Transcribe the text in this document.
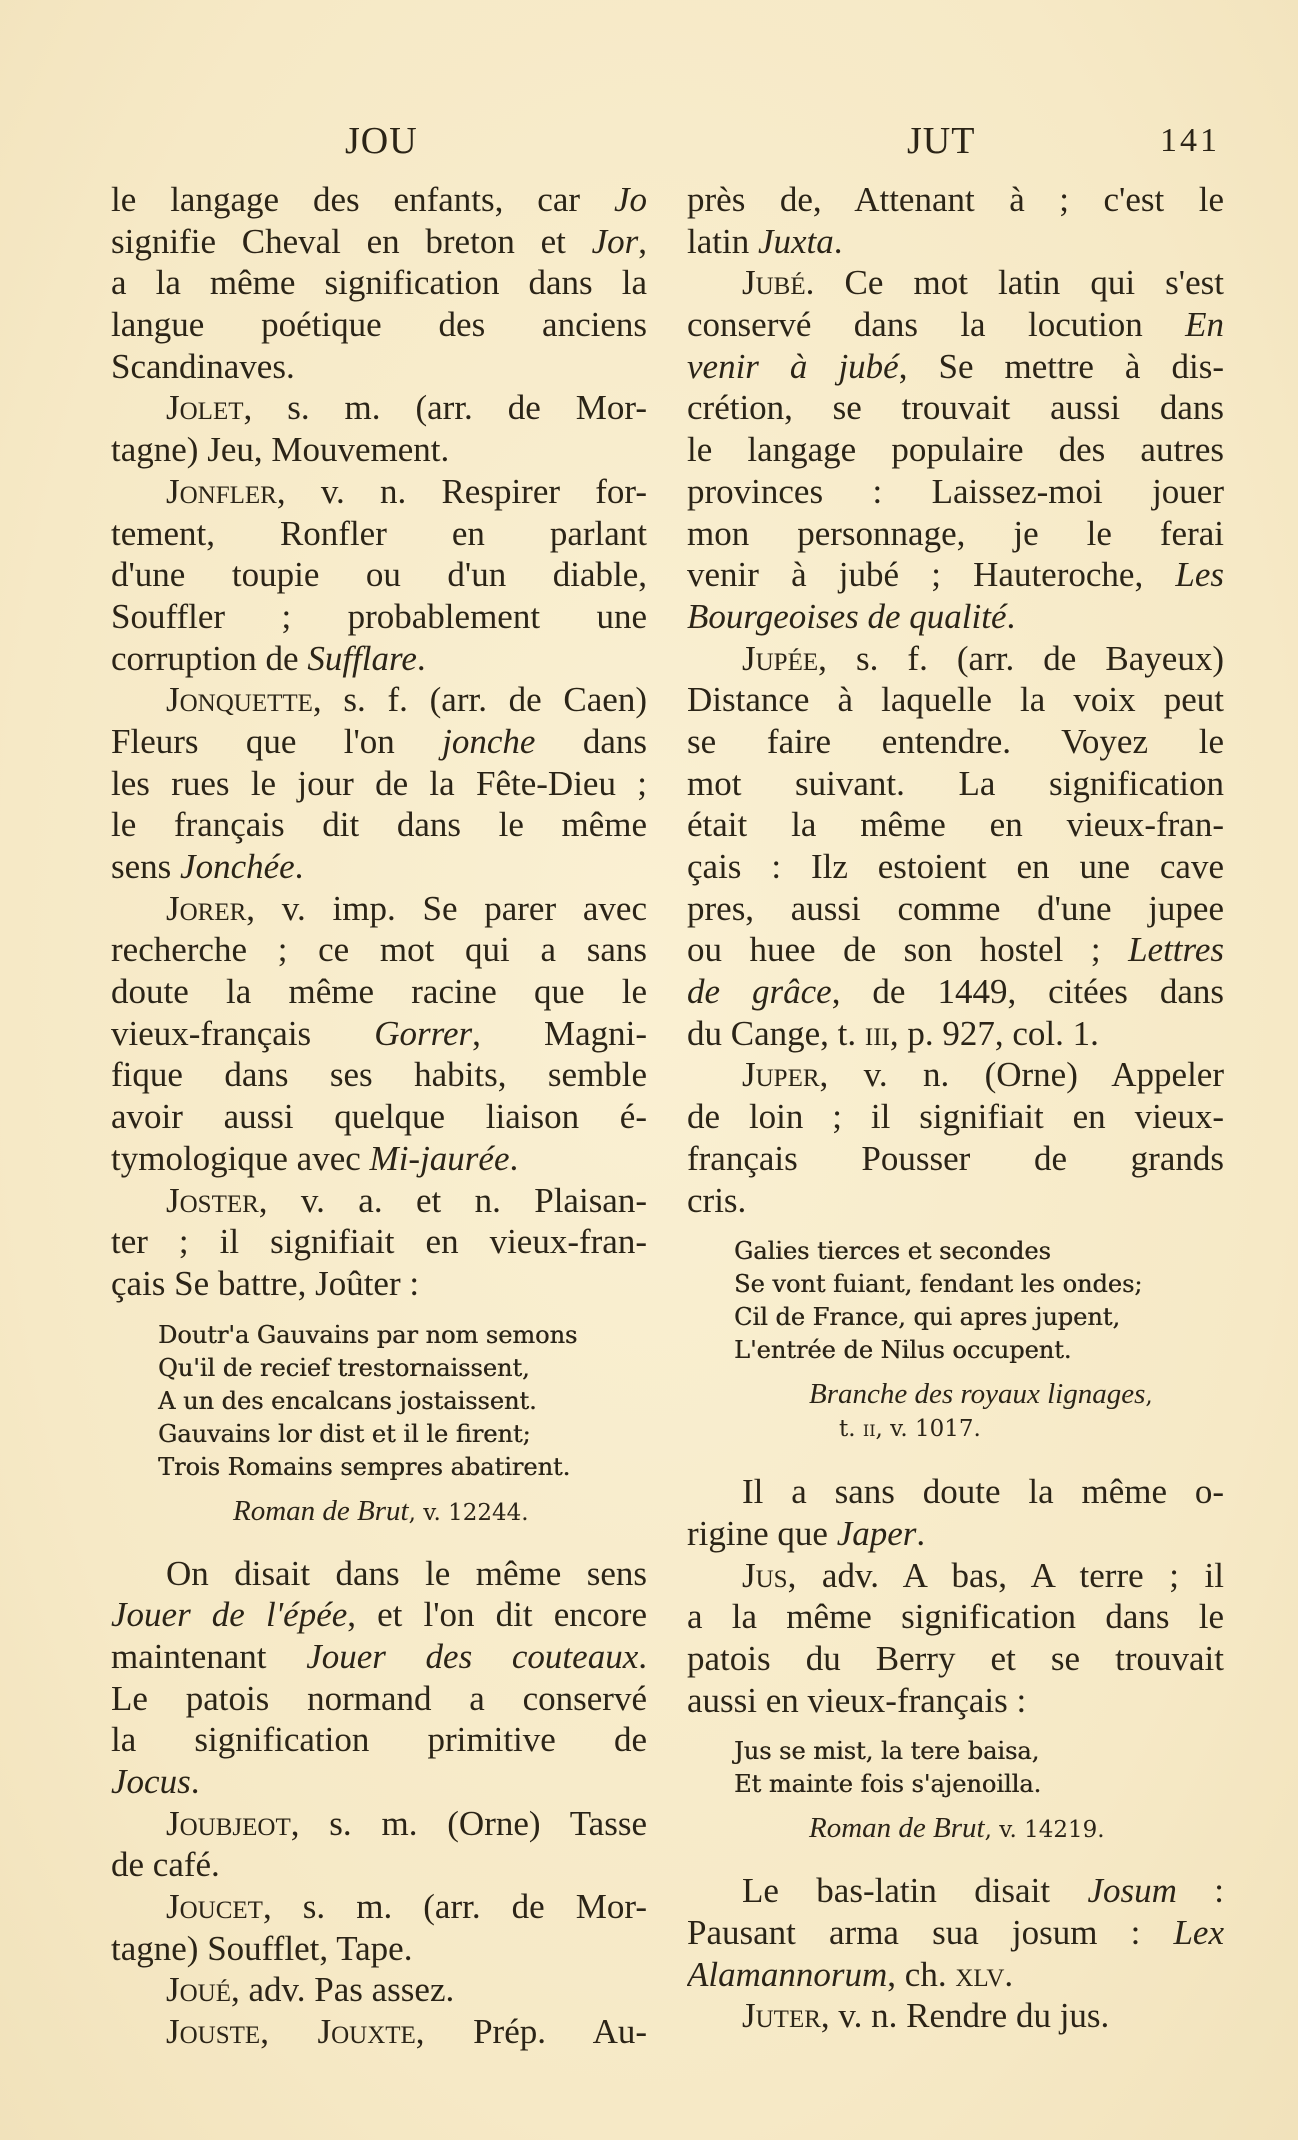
JOU	JUT	141
le langage des enfants, car Jo
signifie Cheval en breton et Jor,
a la même signification dans la
langue poétique des anciens
Scandinaves.
Jolet, s. m. (arr. de Mor-
tagne) Jeu, Mouvement.
Jonfler, v. n. Respirer for-
tement, Ronfler en parlant
d'une toupie ou d'un diable,
Souffler ; probablement une
corruption de Sufflare.
Jonquette, s. f. (arr. de Caen)
Fleurs que l'on jonche dans
les rues le jour de la Fête-Dieu ;
le français dit dans le même
sens Jonchée.
Jorer, v. imp. Se parer avec
recherche ; ce mot qui a sans
doute la même racine que le
vieux-français Gorrer, Magni-
fique dans ses habits, semble
avoir aussi quelque liaison é-
tymologique avec Mi-jaurée.
Joster, v. a. et n. Plaisan-
ter ; il signifiait en vieux-fran-
çais Se battre, Joûter :
Doutr'a Gauvains par nom semons
Qu'il de recief trestornaissent,
A un des encalcans jostaissent.
Gauvains lor dist et il le firent;
Trois Romains sempres abatirent.
Roman de Brut, v. 12244.
On disait dans le même sens
Jouer de l'épée, et l'on dit encore
maintenant Jouer des couteaux.
Le patois normand a conservé
la signification primitive de
Jocus.
Joubjeot, s. m. (Orne) Tasse
de café.
Joucet, s. m. (arr. de Mor-
tagne) Soufflet, Tape.
Joué, adv. Pas assez.
Jouste, Jouxte, Prép. Au-
près de, Attenant à ; c'est le
latin Juxta.
Jubé. Ce mot latin qui s'est
conservé dans la locution En
venir à jubé, Se mettre à dis-
crétion, se trouvait aussi dans
le langage populaire des autres
provinces : Laissez-moi jouer
mon personnage, je le ferai
venir à jubé ; Hauteroche, Les
Bourgeoises de qualité.
Jupée, s. f. (arr. de Bayeux)
Distance à laquelle la voix peut
se faire entendre. Voyez le
mot suivant. La signification
était la même en vieux-fran-
çais : Ilz estoient en une cave
pres, aussi comme d'une jupee
ou huee de son hostel ; Lettres
de grâce, de 1449, citées dans
du Cange, t. iii, p. 927, col. 1.
Juper, v. n. (Orne) Appeler
de loin ; il signifiait en vieux-
français Pousser de grands
cris.
Galies tierces et secondes
Se vont fuiant, fendant les ondes;
Cil de France, qui apres jupent,
L'entrée de Nilus occupent.
Branche des royaux lignages,
t. ii, v. 1017.
Il a sans doute la même o-
rigine que Japer.
Jus, adv. A bas, A terre ; il
a la même signification dans le
patois du Berry et se trouvait
aussi en vieux-français :
Jus se mist, la tere baisa,
Et mainte fois s'ajenoilla.
Roman de Brut, v. 14219.
Le bas-latin disait Josum :
Pausant arma sua josum : Lex
Alamannorum, ch. xlv.
Juter, v. n. Rendre du jus.
